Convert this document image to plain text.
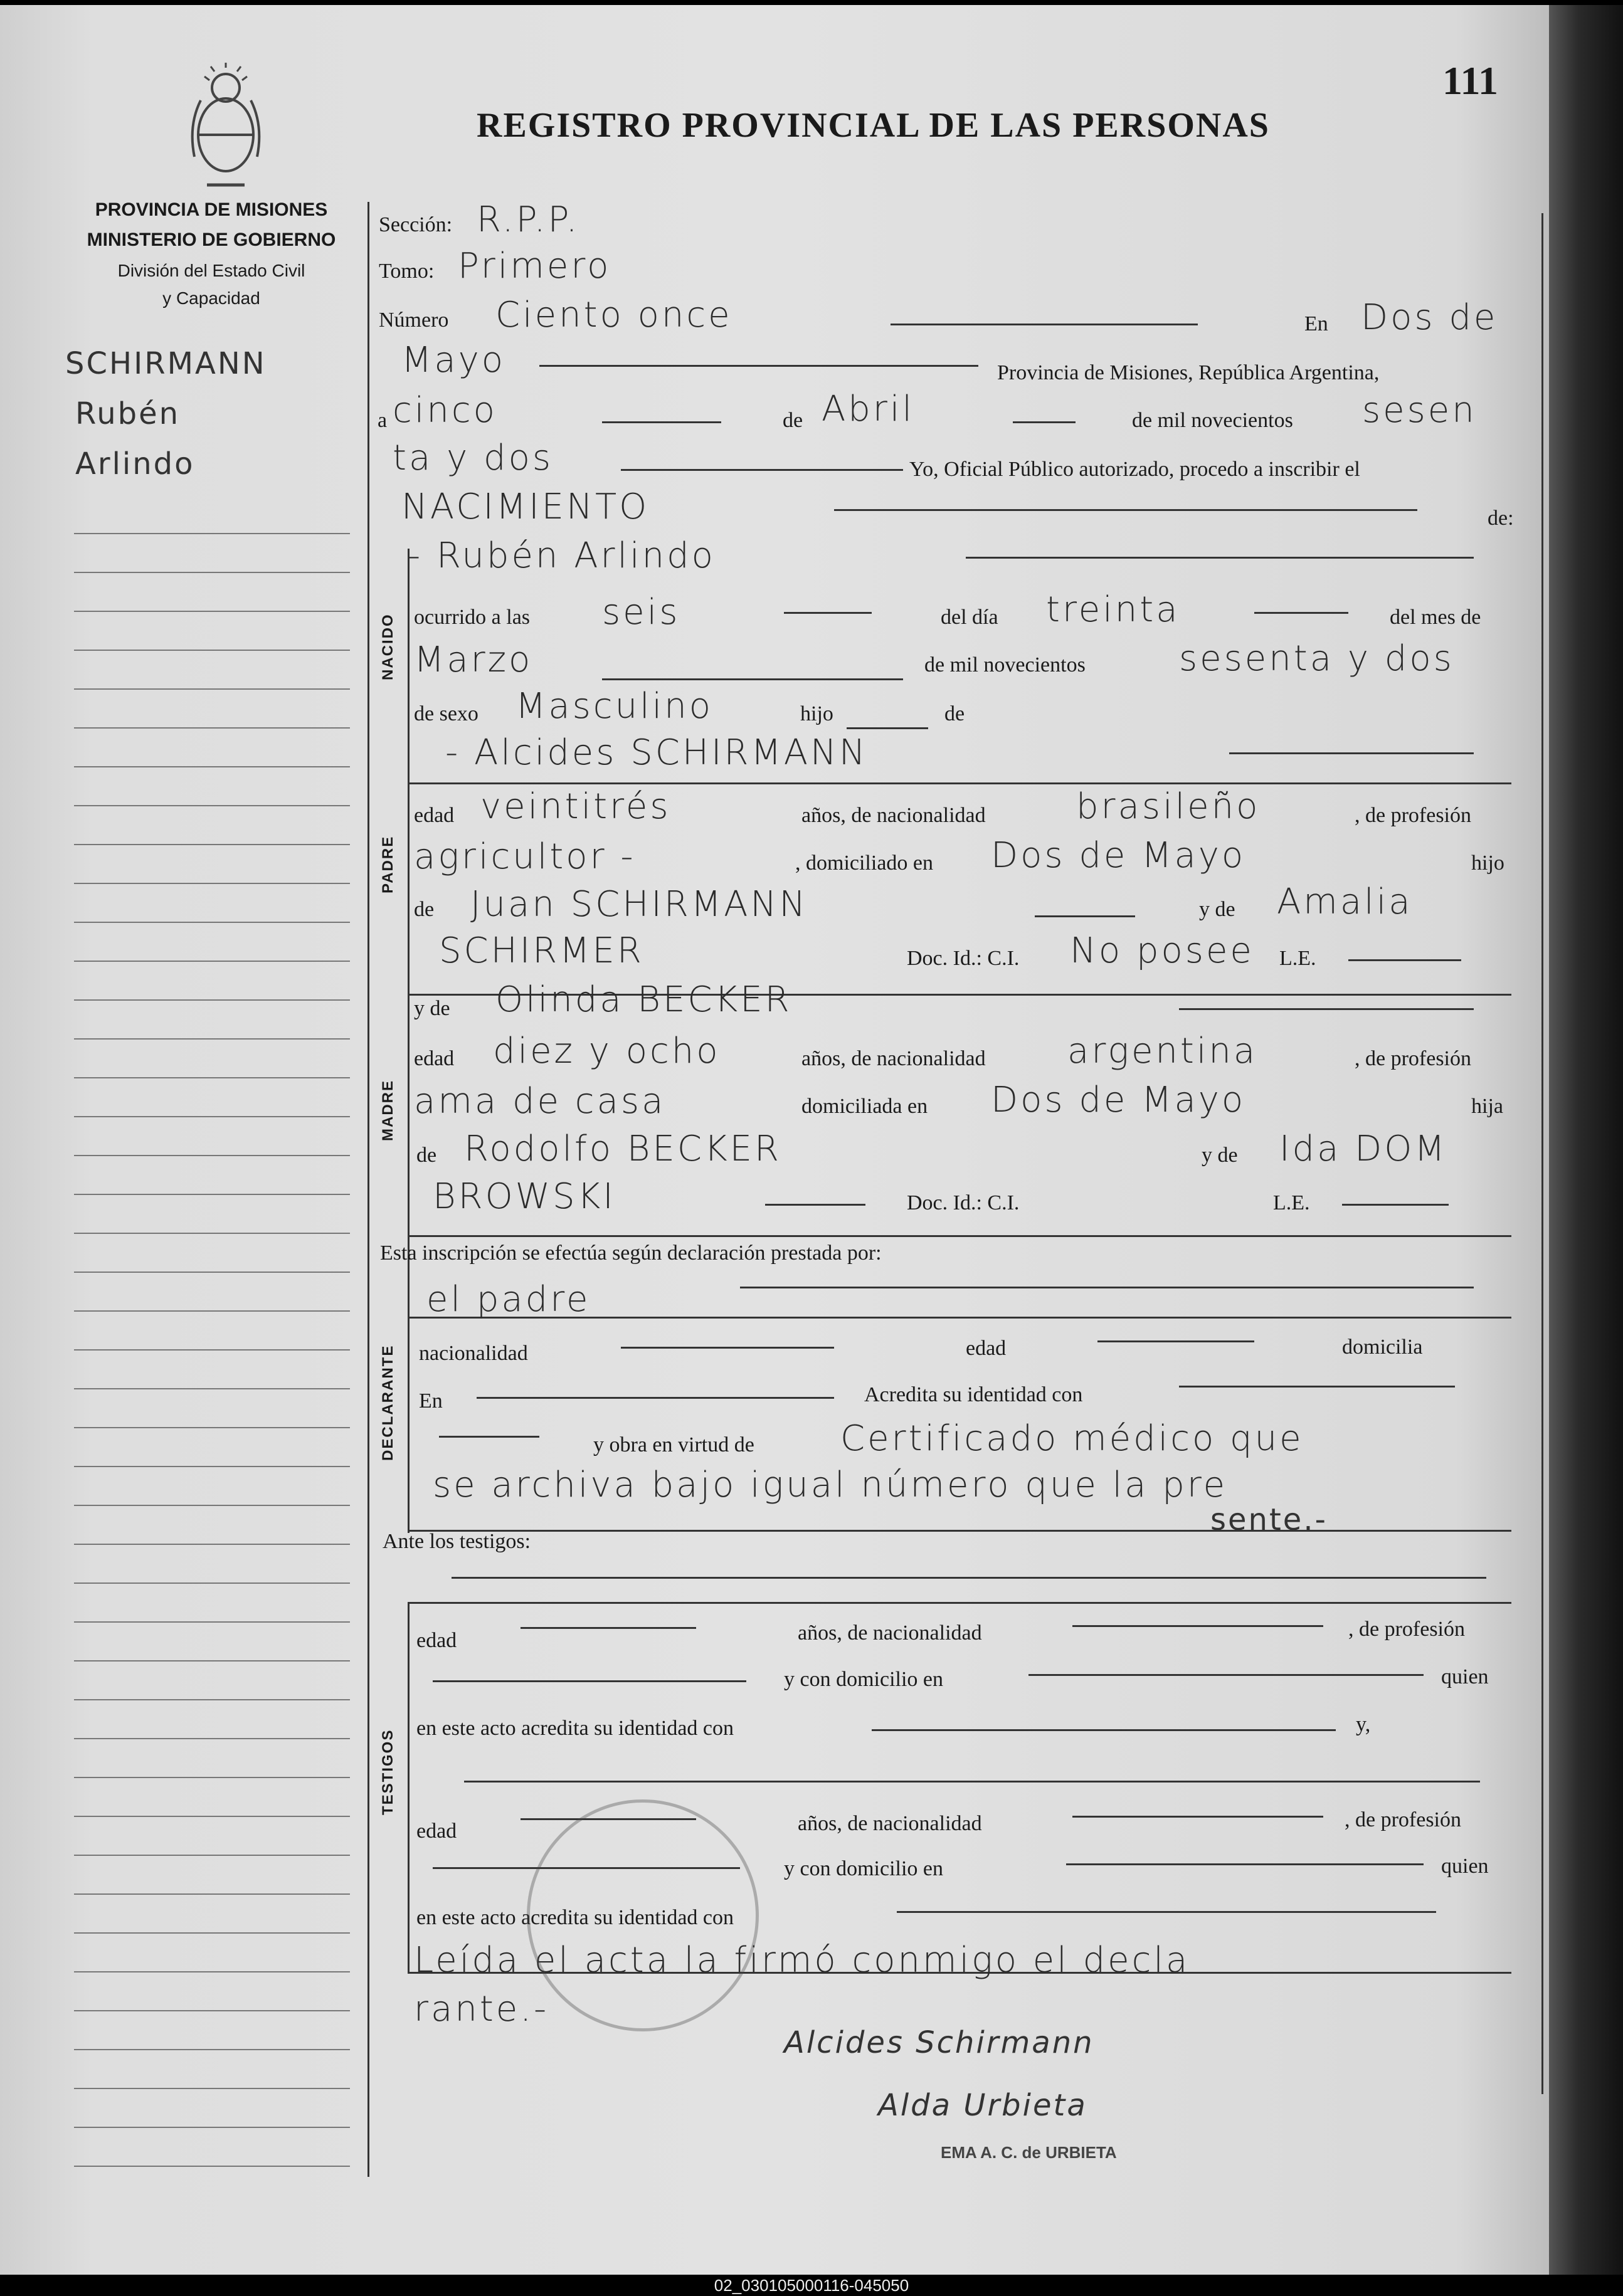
111
REGISTRO PROVINCIAL DE LAS PERSONAS
PROVINCIA DE MISIONES
MINISTERIO DE GOBIERNO
División del Estado Civil
y Capacidad
SCHIRMANN
Rubén
Arlindo
NACIDO
PADRE
MADRE
DECLARANTE
TESTIGOS
Sección: R.P.P.
Tomo: Primero
Número Ciento once	En Dos de
Mayo	Provincia de Misiones, República Argentina,
a cinco	de Abril	de mil novecientos sesen
ta y dos	Yo, Oficial Público autorizado, procedo a inscribir el
NACIMIENTO	de:
- Rubén Arlindo
ocurrido a las seis	del día treinta	del mes de
Marzo	de mil novecientos	sesenta y dos
de sexo Masculino	hijo	de
- Alcides SCHIRMANN
edad veintitrés	años, de nacionalidad	brasileño	, de profesión
agricultor -	, domiciliado en Dos de Mayo	hijo
de Juan SCHIRMANN	y de Amalia
SCHIRMER	Doc. Id.: C.I. No posee L.E.
y de Olinda BECKER
edad diez y ocho	años, de nacionalidad argentina	, de profesión
ama de casa	domiciliada en Dos de Mayo	hija
de Rodolfo BECKER	y de Ida DOM
BROWSKI	Doc. Id.: C.I.	L.E.
Esta inscripción se efectúa según declaración prestada por:
el padre
nacionalidad	edad	domicilia
En	Acredita su identidad con
y obra en virtud de Certificado médico que
se archiva bajo igual número que la pre
sente.-
Ante los testigos:
edad	años, de nacionalidad	, de profesión
y con domicilio en	quien
en este acto acredita su identidad con	y,
edad	años, de nacionalidad	, de profesión
y con domicilio en	quien
en este acto acredita su identidad con
Leída el acta la firmó conmigo el decla
rante.-
Alcides Schirmann
Alda Urbieta
EMA A. C. de URBIETA
02_030105000116-045050
